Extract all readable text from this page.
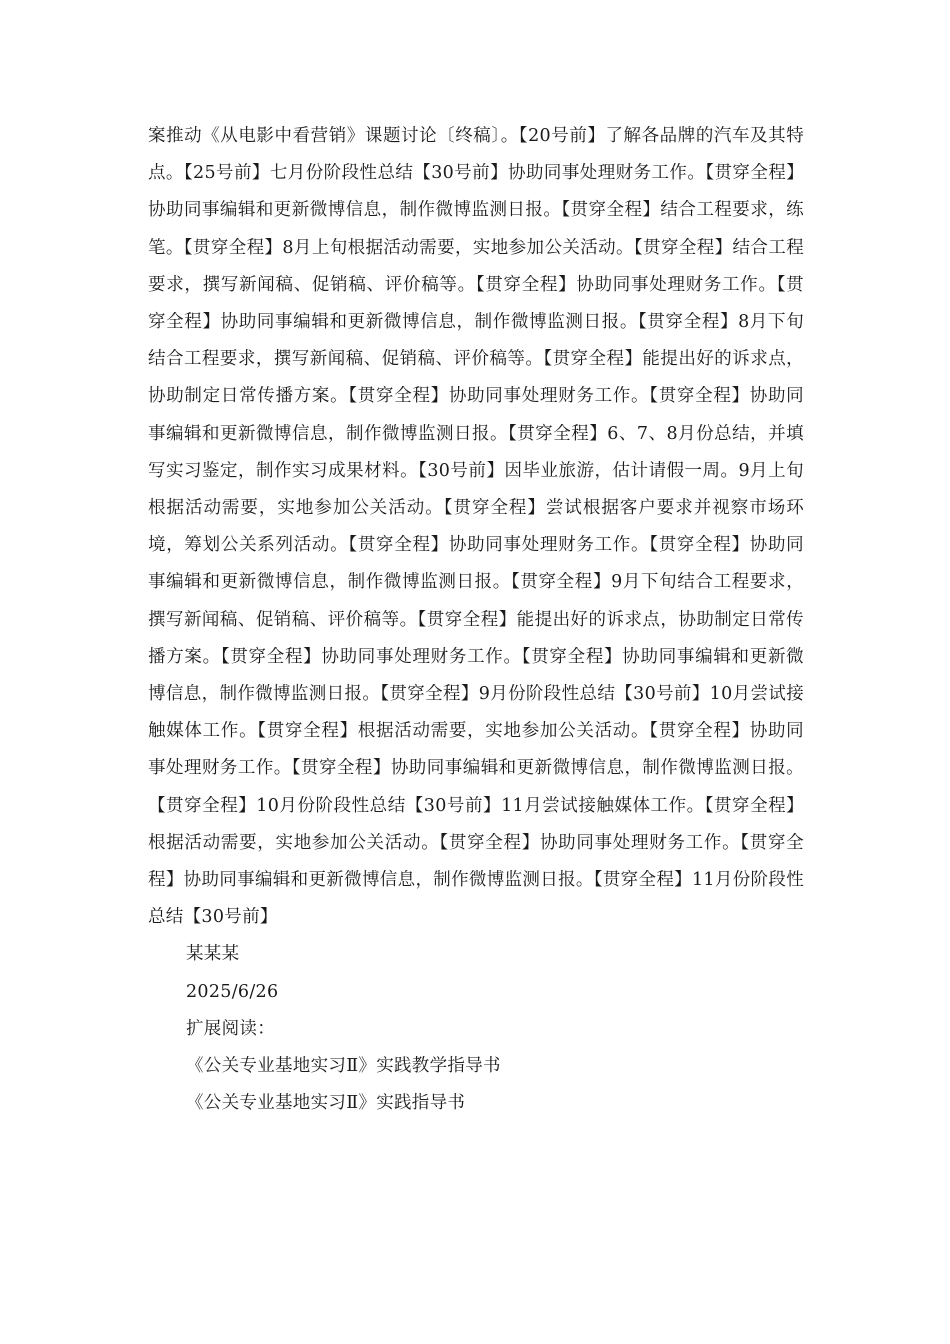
案推动《从电影中看营销》课题讨论〔终稿〕。【20号前】了解各品牌的汽车及其特点。【25号前】七月份阶段性总结【30号前】协助同事处理财务工作。【贯穿全程】协助同事编辑和更新微博信息，制作微博监测日报。【贯穿全程】结合工程要求，练笔。【贯穿全程】8月上旬根据活动需要，实地参加公关活动。【贯穿全程】结合工程要求，撰写新闻稿、促销稿、评价稿等。【贯穿全程】协助同事处理财务工作。【贯穿全程】协助同事编辑和更新微博信息，制作微博监测日报。【贯穿全程】8月下旬结合工程要求，撰写新闻稿、促销稿、评价稿等。【贯穿全程】能提出好的诉求点，协助制定日常传播方案。【贯穿全程】协助同事处理财务工作。【贯穿全程】协助同事编辑和更新微博信息，制作微博监测日报。【贯穿全程】6、7、8月份总结，并填写实习鉴定，制作实习成果材料。【30号前】因毕业旅游，估计请假一周。9月上旬根据活动需要，实地参加公关活动。【贯穿全程】尝试根据客户要求并视察市场环境，筹划公关系列活动。【贯穿全程】协助同事处理财务工作。【贯穿全程】协助同事编辑和更新微博信息，制作微博监测日报。【贯穿全程】9月下旬结合工程要求，撰写新闻稿、促销稿、评价稿等。【贯穿全程】能提出好的诉求点，协助制定日常传播方案。【贯穿全程】协助同事处理财务工作。【贯穿全程】协助同事编辑和更新微博信息，制作微博监测日报。【贯穿全程】9月份阶段性总结【30号前】10月尝试接触媒体工作。【贯穿全程】根据活动需要，实地参加公关活动。【贯穿全程】协助同事处理财务工作。【贯穿全程】协助同事编辑和更新微博信息，制作微博监测日报。【贯穿全程】10月份阶段性总结【30号前】11月尝试接触媒体工作。【贯穿全程】根据活动需要，实地参加公关活动。【贯穿全程】协助同事处理财务工作。【贯穿全程】协助同事编辑和更新微博信息，制作微博监测日报。【贯穿全程】11月份阶段性总结【30号前】

某某某

2025/6/26

扩展阅读：

《公关专业基地实习Ⅱ》实践教学指导书

《公关专业基地实习Ⅱ》实践指导书
